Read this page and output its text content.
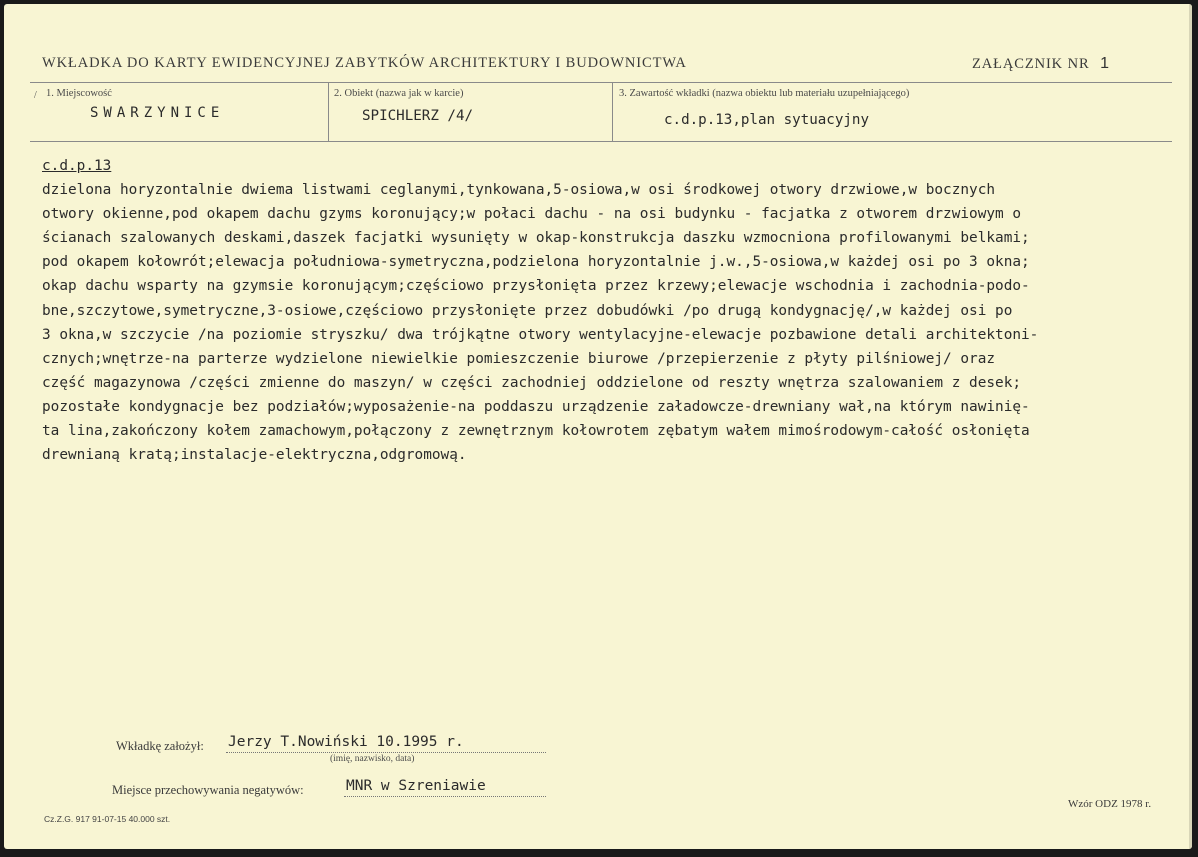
WKŁADKA DO KARTY EWIDENCYJNEJ ZABYTKÓW ARCHITEKTURY I BUDOWNICTWA	ZAŁĄCZNIK NR 1
/ 1. Miejscowość
SWARZYNICE
2. Obiekt (nazwa jak w karcie)
SPICHLERZ /4/
3. Zawartość wkładki (nazwa obiektu lub materiału uzupełniającego)
c.d.p.13,plan sytuacyjny
c.d.p.13
dzielona horyzontalnie dwiema listwami ceglanymi,tynkowana,5-osiowa,w osi środkowej otwory drzwiowe,w bocznych
otwory okienne,pod okapem dachu gzyms koronujący;w połaci dachu - na osi budynku - facjatka z otworem drzwiowym o
ścianach szalowanych deskami,daszek facjatki wysunięty w okap-konstrukcja daszku wzmocniona profilowanymi belkami;
pod okapem kołowrót;elewacja południowa-symetryczna,podzielona horyzontalnie j.w.,5-osiowa,w każdej osi po 3 okna;
okap dachu wsparty na gzymsie koronującym;częściowo przysłonięta przez krzewy;elewacje wschodnia i zachodnia-podo-
bne,szczytowe,symetryczne,3-osiowe,częściowo przysłonięte przez dobudówki /po drugą kondygnację/,w każdej osi po
3 okna,w szczycie /na poziomie stryszku/ dwa trójkątne otwory wentylacyjne-elewacje pozbawione detali architektoni-
cznych;wnętrze-na parterze wydzielone niewielkie pomieszczenie biurowe /przepierzenie z płyty pilśniowej/ oraz
część magazynowa /części zmienne do maszyn/ w części zachodniej oddzielone od reszty wnętrza szalowaniem z desek;
pozostałe kondygnacje bez podziałów;wyposażenie-na poddaszu urządzenie załadowcze-drewniany wał,na którym nawinię-
ta lina,zakończony kołem zamachowym,połączony z zewnętrznym kołowrotem zębatym wałem mimośrodowym-całość osłonięta
drewnianą kratą;instalacje-elektryczna,odgromową.
Wkładkę założył: Jerzy T.Nowiński 10.1995 r.
(imię, nazwisko, data)
Miejsce przechowywania negatywów:	MNR w Szreniawie
Cz.Z.G. 917 91-07-15 40.000 szt.
Wzór ODZ 1978 r.
